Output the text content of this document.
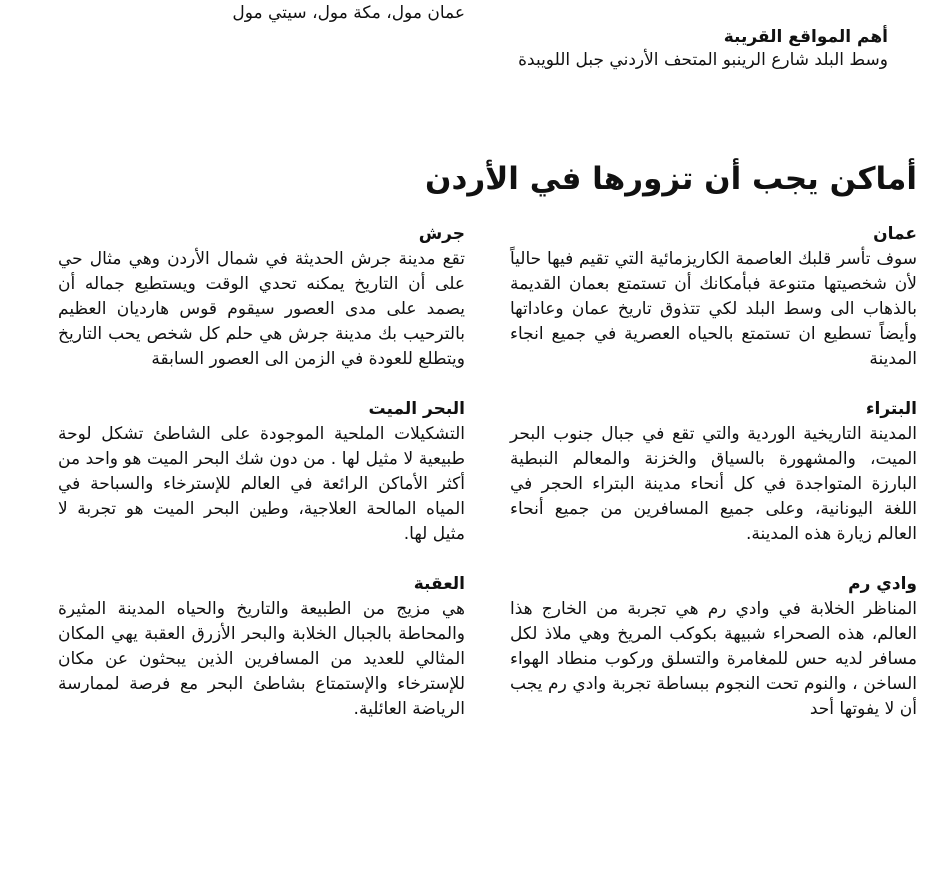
عمان مول، مكة مول، سيتي مول
أهم المواقع القريبة
وسط البلد شارع الرينبو المتحف الأردني جبل اللويبدة
أماكن يجب أن تزورها في الأردن
عمان
سوف تأسر قلبك العاصمة الكاريزمائية التي تقيم فيها حالياً لأن شخصيتها متنوعة فبأمكانك أن تستمتع بعمان القديمة بالذهاب الى وسط البلد لكي تتذوق تاريخ عمان وعاداتها وأيضاً تسطيع ان تستمتع بالحياه العصرية في جميع انجاء المدينة
البتراء
المدينة التاريخية الوردية والتي تقع في جبال جنوب البحر الميت، والمشهورة بالسياق والخزنة والمعالم النبطية البارزة المتواجدة في كل أنحاء مدينة البتراء الحجر في اللغة اليونانية، وعلى جميع المسافرين من جميع أنحاء العالم زيارة هذه المدينة.
وادي رم
المناظر الخلابة في وادي رم هي تجربة من الخارج هذا العالم، هذه الصحراء شبيهة بكوكب المريخ وهي ملاذ لكل مسافر لديه حس للمغامرة والتسلق وركوب منطاد الهواء الساخن ، والنوم تحت النجوم ببساطة تجربة وادي رم يجب أن لا يفوتها أحد
جرش
تقع مدينة جرش الحديثة في شمال الأردن وهي مثال حي على أن التاريخ يمكنه تحدي الوقت ويستطيع جماله أن يصمد على مدى العصور سيقوم قوس هارديان العظيم بالترحيب بك مدينة جرش هي حلم كل شخص يحب التاريخ ويتطلع للعودة في الزمن الى العصور السابقة
البحر الميت
التشكيلات الملحية الموجودة على الشاطئ تشكل لوحة طبيعية لا مثيل لها . من دون شك البحر الميت هو واحد من أكثر الأماكن الرائعة في العالم للإسترخاء والسباحة في المياه المالحة العلاجية، وطين البحر الميت هو تجربة لا مثيل لها.
العقبة
هي مزيج من الطبيعة والتاريخ والحياه المدينة المثيرة والمحاطة بالجبال الخلابة والبحر الأزرق العقبة يهي المكان المثالي للعديد من المسافرين الذين يبحثون عن مكان للإسترخاء والإستمتاع بشاطئ البحر مع فرصة لممارسة الرياضة العائلية.
